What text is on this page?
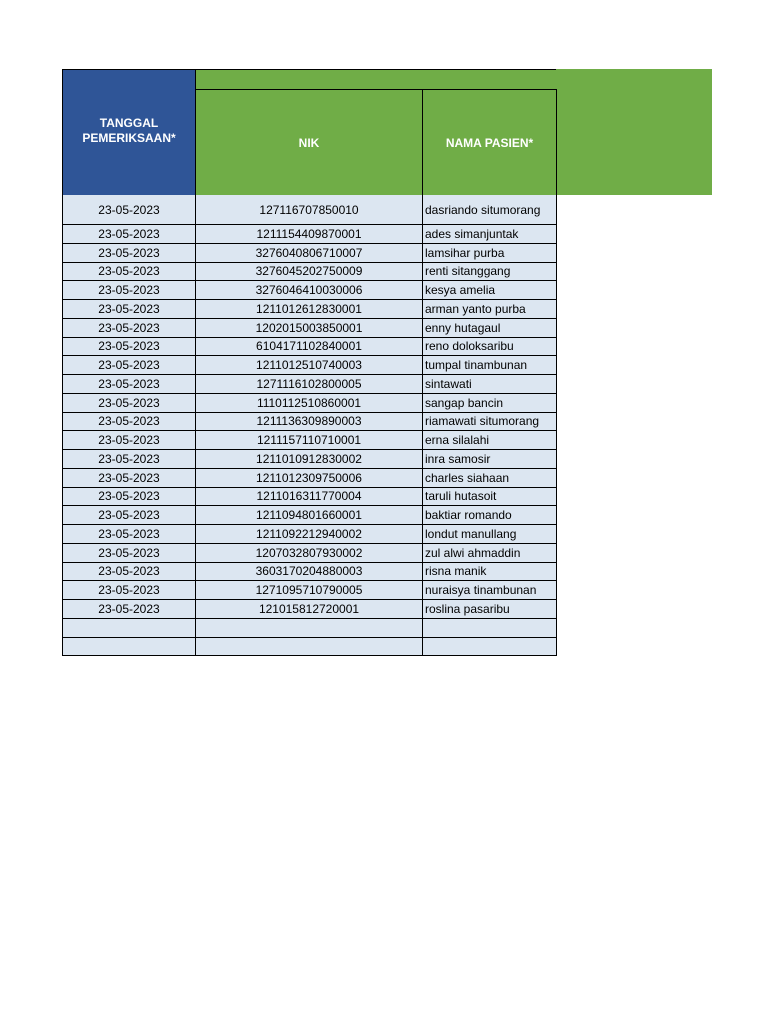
TANGGAL
PEMERIKSAAN*	NIK	NAMA PASIEN*
23-05-2023	127116707850010	dasriando situmorang
23-05-2023	1211154409870001	ades simanjuntak
23-05-2023	3276040806710007	lamsihar purba
23-05-2023	3276045202750009	renti sitanggang
23-05-2023	3276046410030006	kesya amelia
23-05-2023	1211012612830001	arman yanto purba
23-05-2023	1202015003850001	enny hutagaul
23-05-2023	6104171102840001	reno doloksaribu
23-05-2023	1211012510740003	tumpal tinambunan
23-05-2023	1271116102800005	sintawati
23-05-2023	1110112510860001	sangap bancin
23-05-2023	1211136309890003	riamawati situmorang
23-05-2023	1211157110710001	erna silalahi
23-05-2023	1211010912830002	inra samosir
23-05-2023	1211012309750006	charles siahaan
23-05-2023	1211016311770004	taruli hutasoit
23-05-2023	1211094801660001	baktiar romando
23-05-2023	1211092212940002	londut manullang
23-05-2023	1207032807930002	zul alwi ahmaddin
23-05-2023	3603170204880003	risna manik
23-05-2023	1271095710790005	nuraisya tinambunan
23-05-2023	121015812720001	roslina pasaribu
